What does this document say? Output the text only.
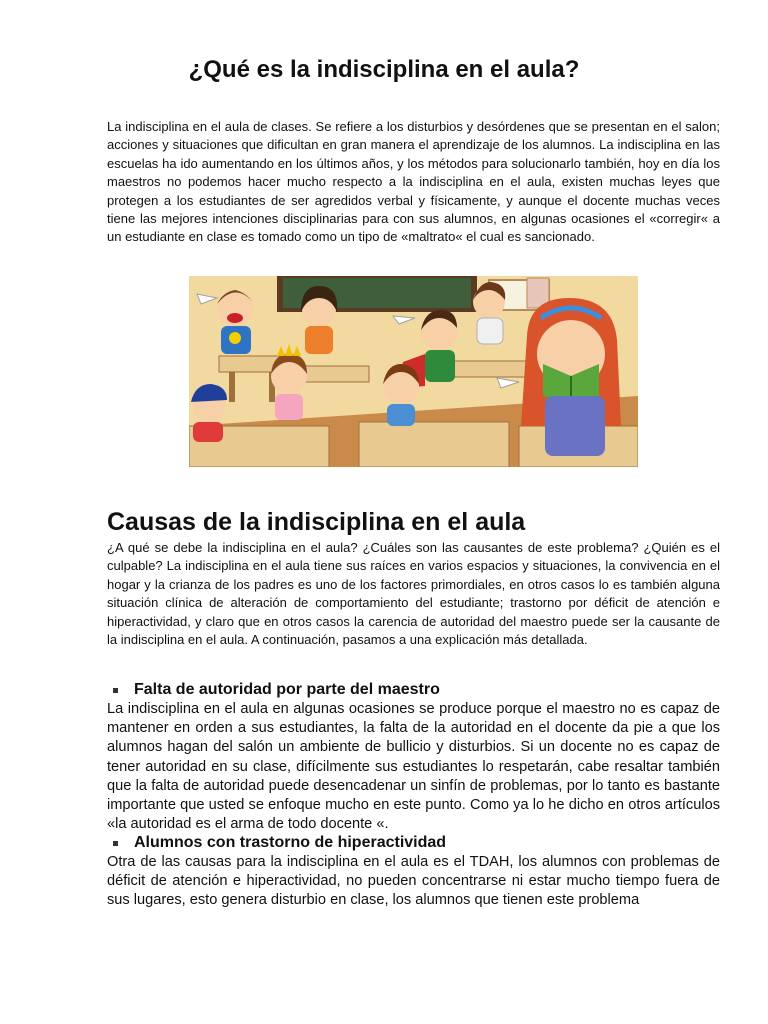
¿Qué es la indisciplina en el aula?

La indisciplina en el aula de clases. Se refiere a los disturbios y desórdenes que se presentan en el salon; acciones y situaciones que dificultan en gran manera el aprendizaje de los alumnos. La indisciplina en las escuelas ha ido aumentando en los últimos años, y los métodos para solucionarlo también, hoy en día los maestros no podemos hacer mucho respecto a la indisciplina en el aula, existen muchas leyes que protegen a los estudiantes de ser agredidos verbal y físicamente, y aunque el docente muchas veces tiene las mejores intenciones disciplinarias para con sus alumnos, en algunas ocasiones el «corregir« a un estudiante en clase es tomado como un tipo de «maltrato« el cual es sancionado.

Causas de la indisciplina en el aula

¿A qué se debe la indisciplina en el aula? ¿Cuáles son las causantes de este problema? ¿Quién es el culpable? La indisciplina en el aula tiene sus raíces en varios espacios y situaciones, la convivencia en el hogar y la crianza de los padres es uno de los factores primordiales, en otros casos lo es también alguna situación clínica de alteración de comportamiento del estudiante; trastorno por déficit de atención e hiperactividad, y claro que en otros casos la carencia de autoridad del maestro puede ser la causante de la indisciplina en el aula. A continuación, pasamos a una explicación más detallada.

Falta de autoridad por parte del maestro

La indisciplina en el aula en algunas ocasiones se produce porque el maestro no es capaz de mantener en orden a sus estudiantes, la falta de la autoridad en el docente da pie a que los alumnos hagan del salón un ambiente de bullicio y disturbios. Si un docente no es capaz de tener autoridad en su clase, difícilmente sus estudiantes lo respetarán, cabe resaltar también que la falta de autoridad puede desencadenar un sinfín de problemas, por lo tanto es bastante importante que usted se enfoque mucho en este punto. Como ya lo he dicho en otros artículos «la autoridad es el arma de todo docente «.

Alumnos con trastorno de hiperactividad

Otra de las causas para la indisciplina en el aula es el TDAH, los alumnos con problemas de déficit de atención e hiperactividad, no pueden concentrarse ni estar mucho tiempo fuera de sus lugares, esto genera disturbio en clase, los alumnos que tienen este problema
